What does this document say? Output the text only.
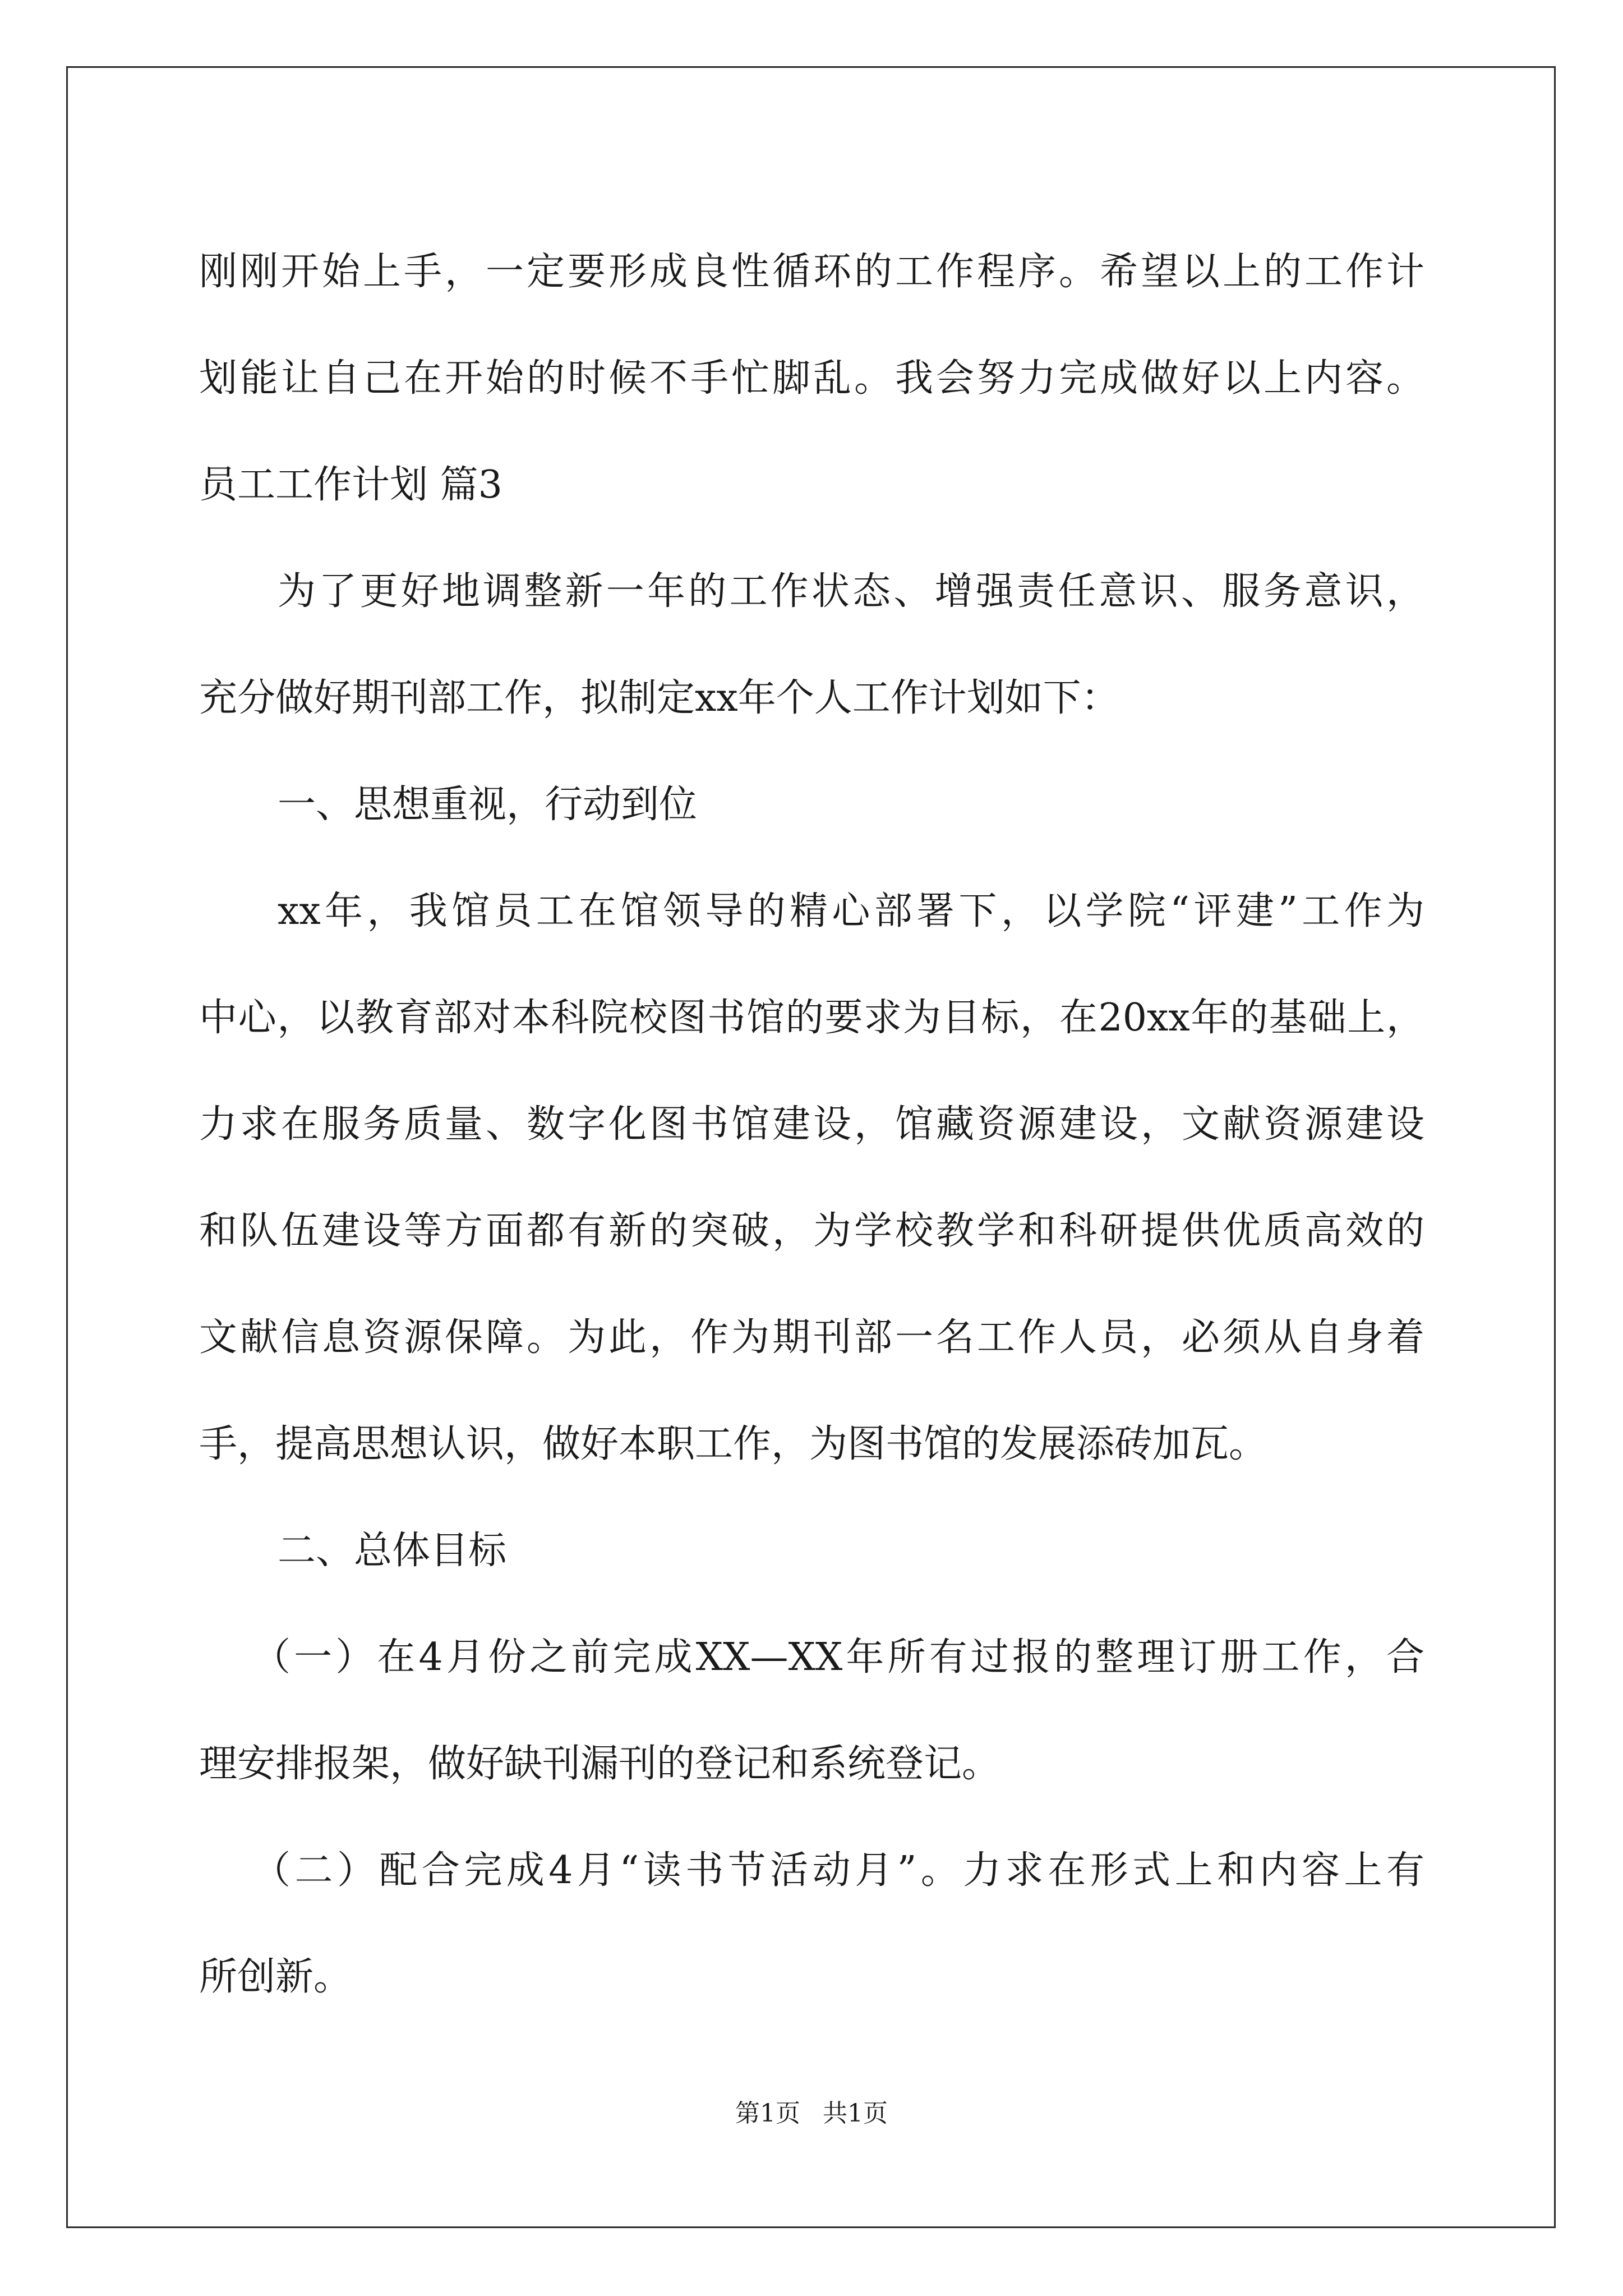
刚刚开始上手，一定要形成良性循环的工作程序。希望以上的工作计
划能让自己在开始的时候不手忙脚乱。我会努力完成做好以上内容。
员工工作计划 篇3
为了更好地调整新一年的工作状态、增强责任意识、服务意识，
充分做好期刊部工作，拟制定xx年个人工作计划如下：
一、思想重视，行动到位
xx年，我馆员工在馆领导的精心部署下，以学院“评建”工作为
中心，以教育部对本科院校图书馆的要求为目标，在20xx年的基础上，
力求在服务质量、数字化图书馆建设，馆藏资源建设，文献资源建设
和队伍建设等方面都有新的突破，为学校教学和科研提供优质高效的
文献信息资源保障。为此，作为期刊部一名工作人员，必须从自身着
手，提高思想认识，做好本职工作，为图书馆的发展添砖加瓦。
二、总体目标
（一）在4月份之前完成XX—XX年所有过报的整理订册工作，合
理安排报架，做好缺刊漏刊的登记和系统登记。
（二）配合完成4月“读书节活动月”。力求在形式上和内容上有
所创新。
第1页 共1页
